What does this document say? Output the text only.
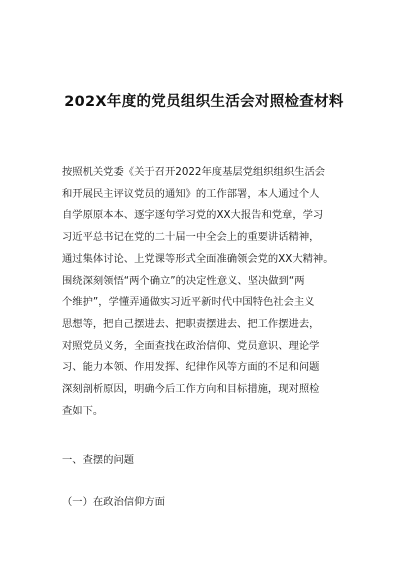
202X年度的党员组织生活会对照检查材料
按照机关党委《关于召开2022年度基层党组织组织生活会
和开展民主评议党员的通知》的工作部署，本人通过个人
自学原原本本、逐字逐句学习党的XX大报告和党章，学习
习近平总书记在党的二十届一中全会上的重要讲话精神，
通过集体讨论、上党课等形式全面准确领会党的XX大精神。
围绕深刻领悟“两个确立”的决定性意义、坚决做到“两
个维护”，学懂弄通做实习近平新时代中国特色社会主义
思想等，把自己摆进去、把职责摆进去、把工作摆进去，
对照党员义务，全面查找在政治信仰、党员意识、理论学
习、能力本领、作用发挥、纪律作风等方面的不足和问题
深刻剖析原因，明确今后工作方向和目标措施，现对照检
查如下。
一、查摆的问题
（一）在政治信仰方面
